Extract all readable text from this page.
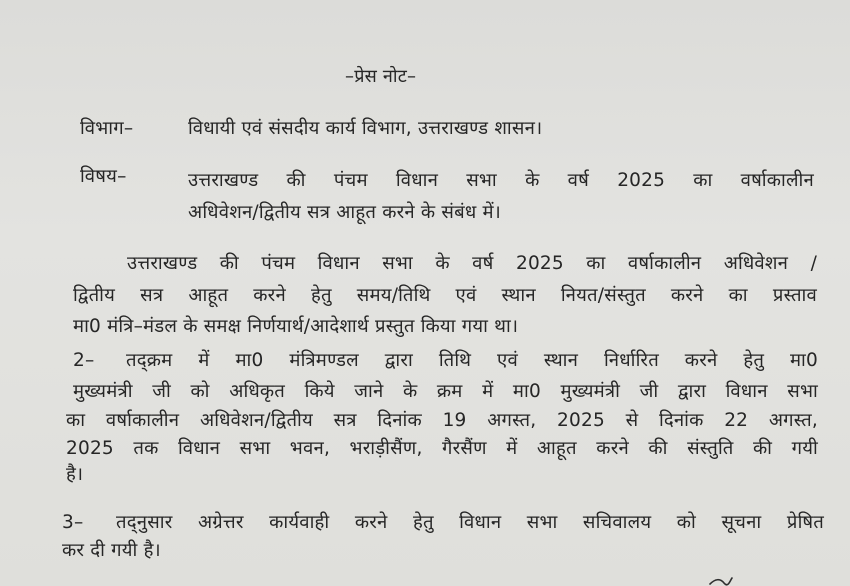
–प्रेस नोट–
विभाग–	विधायी एवं संसदीय कार्य विभाग, उत्तराखण्ड शासन।
विषय–	उत्तराखण्ड की पंचम विधान सभा के वर्ष 2025 का वर्षाकालीन
अधिवेशन/द्वितीय सत्र आहूत करने के संबंध में।
उत्तराखण्ड की पंचम विधान सभा के वर्ष 2025 का वर्षाकालीन अधिवेशन /
द्वितीय सत्र आहूत करने हेतु समय/तिथि एवं स्थान नियत/संस्तुत करने का प्रस्ताव
मा0 मंत्रि–मंडल के समक्ष निर्णयार्थ/आदेशार्थ प्रस्तुत किया गया था।
2– तद्क्रम में मा0 मंत्रिमण्डल द्वारा तिथि एवं स्थान निर्धारित करने हेतु मा0
मुख्यमंत्री जी को अधिकृत किये जाने के क्रम में मा0 मुख्यमंत्री जी द्वारा विधान सभा
का वर्षाकालीन अधिवेशन/द्वितीय सत्र दिनांक 19 अगस्त, 2025 से दिनांक 22 अगस्त,
2025 तक विधान सभा भवन, भराड़ीसैंण, गैरसैंण में आहूत करने की संस्तुति की गयी
है।
3– तद्नुसार अग्रेत्तर कार्यवाही करने हेतु विधान सभा सचिवालय को सूचना प्रेषित
कर दी गयी है।
